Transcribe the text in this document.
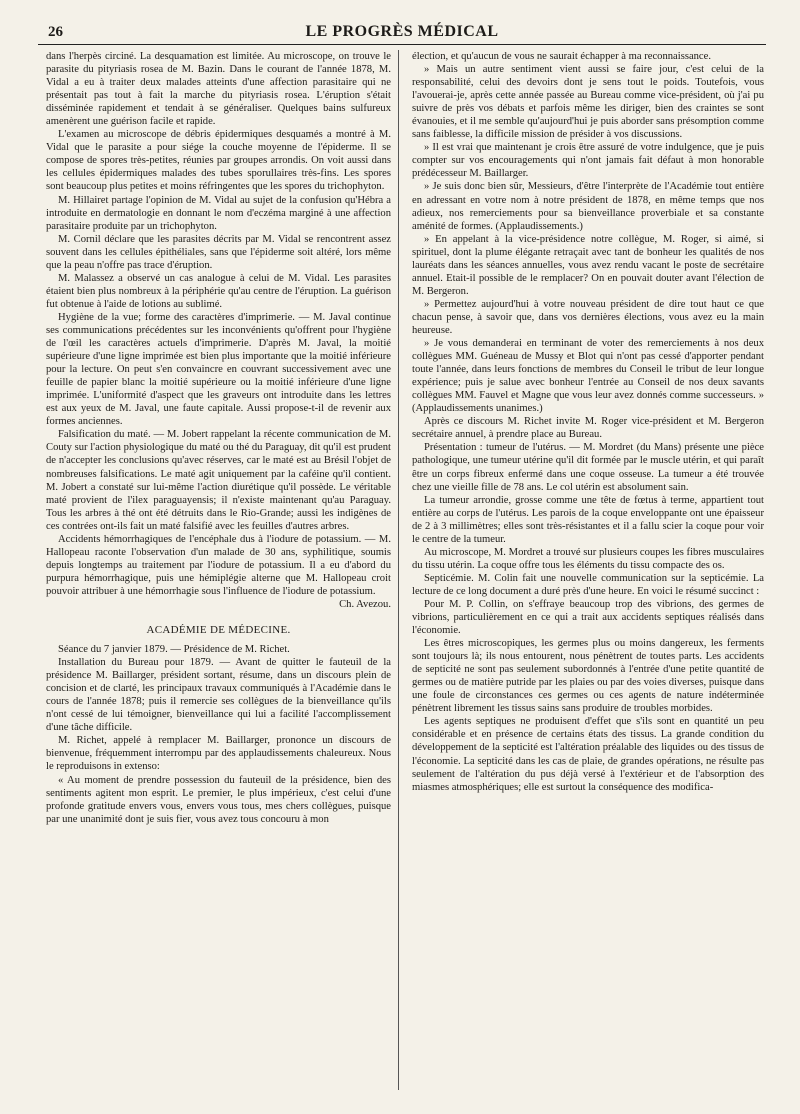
26	LE PROGRÈS MÉDICAL

dans l'herpès circiné. La desquamation est limitée. Au microscope, on trouve le parasite du pityriasis rosea de M. Bazin. Dans le courant de l'année 1878, M. Vidal a eu à traiter deux malades atteints d'une affection parasitaire qui ne présentait pas tout à fait la marche du pityriasis rosea. L'éruption s'était disséminée rapidement et tendait à se généraliser. Quelques bains sulfureux amenèrent une guérison facile et rapide.

L'examen au microscope de débris épidermiques desquamés a montré à M. Vidal que le parasite a pour siége la couche moyenne de l'épiderme. Il se compose de spores très-petites, réunies par groupes arrondis. On voit aussi dans les cellules épidermiques malades des tubes sporullaires très-fins. Les spores sont beaucoup plus petites et moins réfringentes que les spores du trichophyton.

M. Hillairet partage l'opinion de M. Vidal au sujet de la confusion qu'Hébra a introduite en dermatologie en donnant le nom d'eczéma marginé à une affection parasitaire produite par un trichophyton.

M. Cornil déclare que les parasites décrits par M. Vidal se rencontrent assez souvent dans les cellules épithéliales, sans que l'épiderme soit altéré, lors même que la peau n'offre pas trace d'éruption.

M. Malassez a observé un cas analogue à celui de M. Vidal. Les parasites étaient bien plus nombreux à la périphérie qu'au centre de l'éruption. La guérison fut obtenue à l'aide de lotions au sublimé.

Hygiène de la vue; forme des caractères d'imprimerie. — M. Javal continue ses communications précédentes sur les inconvénients qu'offrent pour l'hygiène de l'œil les caractères actuels d'imprimerie. D'après M. Javal, la moitié supérieure d'une ligne imprimée est bien plus importante que la moitié inférieure pour la lecture. On peut s'en convaincre en couvrant successivement avec une feuille de papier blanc la moitié supérieure ou la moitié inférieure d'une ligne imprimée. L'uniformité d'aspect que les graveurs ont introduite dans les lettres est aux yeux de M. Javal, une faute capitale. Aussi propose-t-il de revenir aux formes anciennes.

Falsification du maté. — M. Jobert rappelant la récente communication de M. Couty sur l'action physiologique du maté ou thé du Paraguay, dit qu'il est prudent de n'accepter les conclusions qu'avec réserves, car le maté est au Brésil l'objet de nombreuses falsifications. Le maté agit uniquement par la caféine qu'il contient. M. Jobert a constaté sur lui-même l'action diurétique qu'il possède. Le véritable maté provient de l'ilex paraguayensis; il n'existe maintenant qu'au Paraguay. Tous les arbres à thé ont été détruits dans le Rio-Grande; aussi les indigènes de ces contrées ont-ils fait un maté falsifié avec les feuilles d'autres arbres.

Accidents hémorrhagiques de l'encéphale dus à l'iodure de potassium. — M. Hallopeau raconte l'observation d'un malade de 30 ans, syphilitique, soumis depuis longtemps au traitement par l'iodure de potassium. Il a eu d'abord du purpura hémorrhagique, puis une hémiplégie alterne que M. Hallopeau croit pouvoir attribuer à une hémorrhagie sous l'influence de l'iodure de potassium.

Ch. Avezou.

ACADÉMIE DE MÉDECINE.

Séance du 7 janvier 1879. — Présidence de M. Richet.

Installation du Bureau pour 1879. — Avant de quitter le fauteuil de la présidence M. Baillarger, président sortant, résume, dans un discours plein de concision et de clarté, les principaux travaux communiqués à l'Académie dans le cours de l'année 1878; puis il remercie ses collègues de la bienveillance qu'ils n'ont cessé de lui témoigner, bienveillance qui lui a facilité l'accomplissement d'une tâche difficile.

M. Richet, appelé à remplacer M. Baillarger, prononce un discours de bienvenue, fréquemment interrompu par des applaudissements chaleureux. Nous le reproduisons in extenso:

« Au moment de prendre possession du fauteuil de la présidence, bien des sentiments agitent mon esprit. Le premier, le plus impérieux, c'est celui d'une profonde gratitude envers vous, envers vous tous, mes chers collègues, puisque par une unanimité dont je suis fier, vous avez tous concouru à mon

élection, et qu'aucun de vous ne saurait échapper à ma reconnaissance.

» Mais un autre sentiment vient aussi se faire jour, c'est celui de la responsabilité, celui des devoirs dont je sens tout le poids. Toutefois, vous l'avouerai-je, après cette année passée au Bureau comme vice-président, où j'ai pu suivre de près vos débats et parfois même les diriger, bien des craintes se sont évanouies, et il me semble qu'aujourd'hui je puis aborder sans présomption comme sans faiblesse, la difficile mission de présider à vos discussions.

» Il est vrai que maintenant je crois être assuré de votre indulgence, que je puis compter sur vos encouragements qui n'ont jamais fait défaut à mon honorable prédécesseur M. Baillarger.

» Je suis donc bien sûr, Messieurs, d'être l'interprète de l'Académie tout entière en adressant en votre nom à notre président de 1878, en même temps que nos adieux, nos remerciements pour sa bienveillance proverbiale et sa constante aménité de formes. (Applaudissements.)

» En appelant à la vice-présidence notre collègue, M. Roger, si aimé, si spirituel, dont la plume élégante retraçait avec tant de bonheur les qualités de nos lauréats dans les séances annuelles, vous avez rendu vacant le poste de secrétaire annuel. Etait-il possible de le remplacer? On en pouvait douter avant l'élection de M. Bergeron.

» Permettez aujourd'hui à votre nouveau président de dire tout haut ce que chacun pense, à savoir que, dans vos dernières élections, vous avez eu la main heureuse.

» Je vous demanderai en terminant de voter des remerciements à nos deux collègues MM. Guéneau de Mussy et Blot qui n'ont pas cessé d'apporter pendant toute l'année, dans leurs fonctions de membres du Conseil le tribut de leur longue expérience; puis je salue avec bonheur l'entrée au Conseil de nos deux savants collègues MM. Fauvel et Magne que vous leur avez donnés comme successeurs. » (Applaudissements unanimes.)

Après ce discours M. Richet invite M. Roger vice-président et M. Bergeron secrétaire annuel, à prendre place au Bureau.

Présentation : tumeur de l'utérus. — M. Mordret (du Mans) présente une pièce pathologique, une tumeur utérine qu'il dit formée par le muscle utérin, et qui paraît être un corps fibreux enfermé dans une coque osseuse. La tumeur a été trouvée chez une vieille fille de 78 ans. Le col utérin est absolument sain.

La tumeur arrondie, grosse comme une tête de fœtus à terme, appartient tout entière au corps de l'utérus. Les parois de la coque enveloppante ont une épaisseur de 2 à 3 millimètres; elles sont très-résistantes et il a fallu scier la coque pour voir le centre de la tumeur.

Au microscope, M. Mordret a trouvé sur plusieurs coupes les fibres musculaires du tissu utérin. La coque offre tous les éléments du tissu compacte des os.

Septicémie. M. Colin fait une nouvelle communication sur la septicémie. La lecture de ce long document a duré près d'une heure. En voici le résumé succinct :

Pour M. P. Collin, on s'effraye beaucoup trop des vibrions, des germes de vibrions, particulièrement en ce qui a trait aux accidents septiques réalisés dans l'économie.

Les êtres microscopiques, les germes plus ou moins dangereux, les ferments sont toujours là; ils nous entourent, nous pénètrent de toutes parts. Les accidents de septicité ne sont pas seulement subordonnés à l'entrée d'une petite quantité de germes ou de matière putride par les plaies ou par des voies diverses, puisque dans une foule de circonstances ces germes ou ces agents de nature indéterminée pénètrent librement les tissus sains sans produire de troubles morbides.

Les agents septiques ne produisent d'effet que s'ils sont en quantité un peu considérable et en présence de certains états des tissus. La grande condition du développement de la septicité est l'altération préalable des liquides ou des tissus de l'économie. La septicité dans les cas de plaie, de grandes opérations, ne résulte pas seulement de l'altération du pus déjà versé à l'extérieur et de l'absorption des miasmes atmosphériques; elle est surtout la conséquence des modifica-
